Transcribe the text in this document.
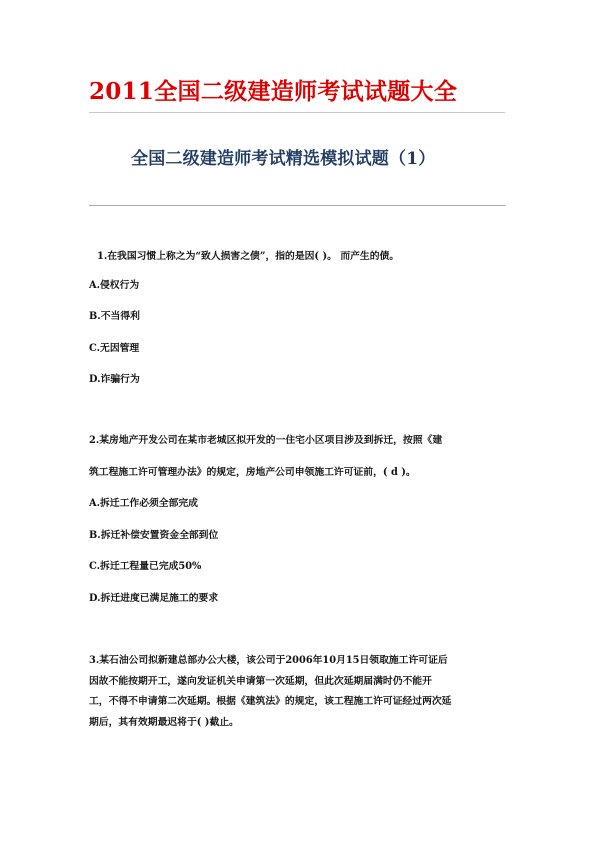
2011全国二级建造师考试试题大全
全国二级建造师考试精选模拟试题（1）
1.在我国习惯上称之为“致人损害之债”，指的是因( )。 而产生的债。
A.侵权行为
B.不当得利
C.无因管理
D.诈骗行为
2.某房地产开发公司在某市老城区拟开发的一住宅小区项目涉及到拆迁，按照《建
筑工程施工许可管理办法》的规定，房地产公司申领施工许可证前，( d )。
A.拆迁工作必须全部完成
B.拆迁补偿安置资金全部到位
C.拆迁工程量已完成50%
D.拆迁进度已满足施工的要求
3.某石油公司拟新建总部办公大楼，该公司于2006年10月15日领取施工许可证后
因故不能按期开工，遂向发证机关申请第一次延期，但此次延期届满时仍不能开
工，不得不申请第二次延期。根据《建筑法》的规定，该工程施工许可证经过两次延
期后，其有效期最迟将于( )截止。
